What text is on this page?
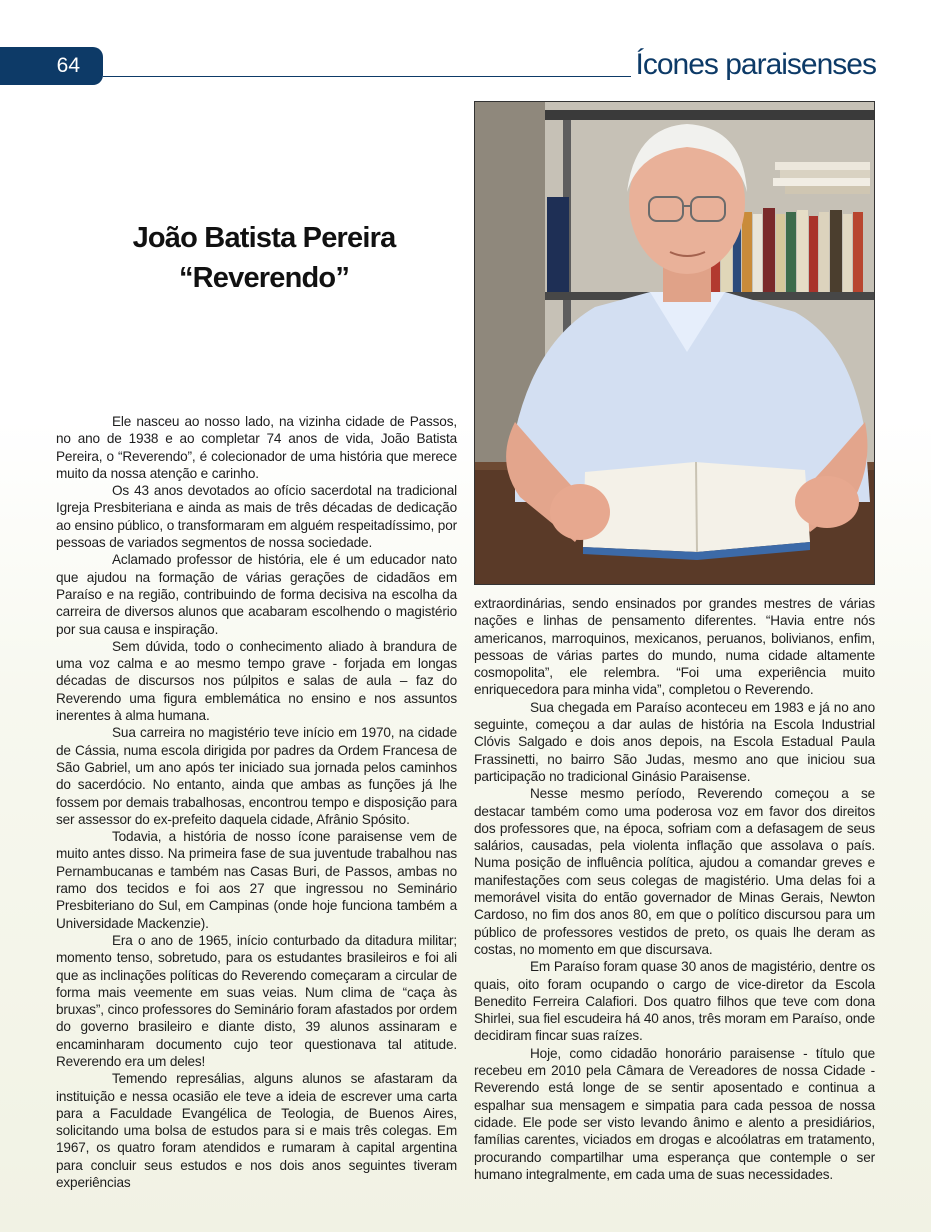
64	Ícones paraisenses
João Batista Pereira
“Reverendo”

Ele nasceu ao nosso lado, na vizinha cidade de Passos, no ano de 1938 e ao completar 74 anos de vida, João Batista Pereira, o “Reverendo”, é colecionador de uma história que merece muito da nossa atenção e carinho.

Os 43 anos devotados ao ofício sacerdotal na tradicional Igreja Presbiteriana e ainda as mais de três décadas de dedicação ao ensino público, o transformaram em alguém respeitadíssimo, por pessoas de variados segmentos de nossa sociedade.

Aclamado professor de história, ele é um educador nato que ajudou na formação de várias gerações de cidadãos em Paraíso e na região, contribuindo de forma decisiva na escolha da carreira de diversos alunos que acabaram escolhendo o magistério por sua causa e inspiração.

Sem dúvida, todo o conhecimento aliado à brandura de uma voz calma e ao mesmo tempo grave - forjada em longas décadas de discursos nos púlpitos e salas de aula – faz do Reverendo uma figura emblemática no ensino e nos assuntos inerentes à alma humana.

Sua carreira no magistério teve início em 1970, na cidade de Cássia, numa escola dirigida por padres da Ordem Francesa de São Gabriel, um ano após ter iniciado sua jornada pelos caminhos do sacerdócio. No entanto, ainda que ambas as funções já lhe fossem por demais trabalhosas, encontrou tempo e disposição para ser assessor do ex-prefeito daquela cidade, Afrânio Spósito.

Todavia, a história de nosso ícone paraisense vem de muito antes disso. Na primeira fase de sua juventude trabalhou nas Pernambucanas e também nas Casas Buri, de Passos, ambas no ramo dos tecidos e foi aos 27 que ingressou no Seminário Presbiteriano do Sul, em Campinas (onde hoje funciona também a Universidade Mackenzie).

Era o ano de 1965, início conturbado da ditadura militar; momento tenso, sobretudo, para os estudantes brasileiros e foi ali que as inclinações políticas do Reverendo começaram a circular de forma mais veemente em suas veias. Num clima de “caça às bruxas”, cinco professores do Seminário foram afastados por ordem do governo brasileiro e diante disto, 39 alunos assinaram e encaminharam documento cujo teor questionava tal atitude. Reverendo era um deles!

Temendo represálias, alguns alunos se afastaram da instituição e nessa ocasião ele teve a ideia de escrever uma carta para a Faculdade Evangélica de Teologia, de Buenos Aires, solicitando uma bolsa de estudos para si e mais três colegas. Em 1967, os quatro foram atendidos e rumaram à capital argentina para concluir seus estudos e nos dois anos seguintes tiveram experiências

extraordinárias, sendo ensinados por grandes mestres de várias nações e linhas de pensamento diferentes. “Havia entre nós americanos, marroquinos, mexicanos, peruanos, bolivianos, enfim, pessoas de várias partes do mundo, numa cidade altamente cosmopolita”, ele relembra. “Foi uma experiência muito enriquecedora para minha vida”, completou o Reverendo.

Sua chegada em Paraíso aconteceu em 1983 e já no ano seguinte, começou a dar aulas de história na Escola Industrial Clóvis Salgado e dois anos depois, na Escola Estadual Paula Frassinetti, no bairro São Judas, mesmo ano que iniciou sua participação no tradicional Ginásio Paraisense.

Nesse mesmo período, Reverendo começou a se destacar também como uma poderosa voz em favor dos direitos dos professores que, na época, sofriam com a defasagem de seus salários, causadas, pela violenta inflação que assolava o país. Numa posição de influência política, ajudou a comandar greves e manifestações com seus colegas de magistério. Uma delas foi a memorável visita do então governador de Minas Gerais, Newton Cardoso, no fim dos anos 80, em que o político discursou para um público de professores vestidos de preto, os quais lhe deram as costas, no momento em que discursava.

Em Paraíso foram quase 30 anos de magistério, dentre os quais, oito foram ocupando o cargo de vice-diretor da Escola Benedito Ferreira Calafiori. Dos quatro filhos que teve com dona Shirlei, sua fiel escudeira há 40 anos, três moram em Paraíso, onde decidiram fincar suas raízes.

Hoje, como cidadão honorário paraisense - título que recebeu em 2010 pela Câmara de Vereadores de nossa Cidade - Reverendo está longe de se sentir aposentado e continua a espalhar sua mensagem e simpatia para cada pessoa de nossa cidade. Ele pode ser visto levando ânimo e alento a presidiários, famílias carentes, viciados em drogas e alcoólatras em tratamento, procurando compartilhar uma esperança que contemple o ser humano integralmente, em cada uma de suas necessidades.
